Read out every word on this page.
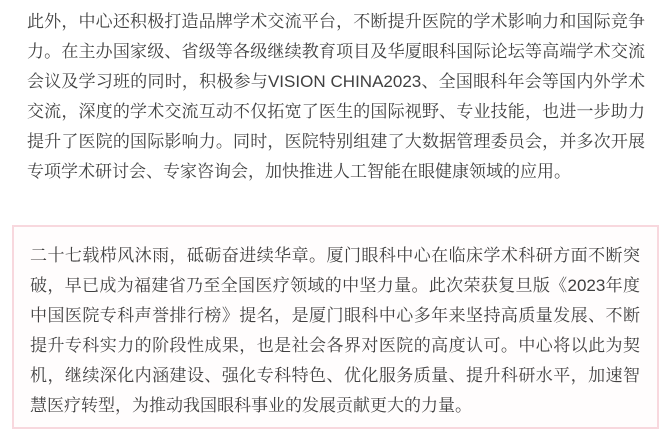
此外，中心还积极打造品牌学术交流平台，不断提升医院的学术影响力和国际竞争力。在主办国家级、省级等各级继续教育项目及华厦眼科国际论坛等高端学术交流会议及学习班的同时，积极参与VISION CHINA2023、全国眼科年会等国内外学术交流，深度的学术交流互动不仅拓宽了医生的国际视野、专业技能，也进一步助力提升了医院的国际影响力。同时，医院特别组建了大数据管理委员会，并多次开展专项学术研讨会、专家咨询会，加快推进人工智能在眼健康领域的应用。

二十七载栉风沐雨，砥砺奋进续华章。厦门眼科中心在临床学术科研方面不断突破，早已成为福建省乃至全国医疗领域的中坚力量。此次荣获复旦版《2023年度中国医院专科声誉排行榜》提名，是厦门眼科中心多年来坚持高质量发展、不断提升专科实力的阶段性成果，也是社会各界对医院的高度认可。中心将以此为契机，继续深化内涵建设、强化专科特色、优化服务质量、提升科研水平，加速智慧医疗转型，为推动我国眼科事业的发展贡献更大的力量。
